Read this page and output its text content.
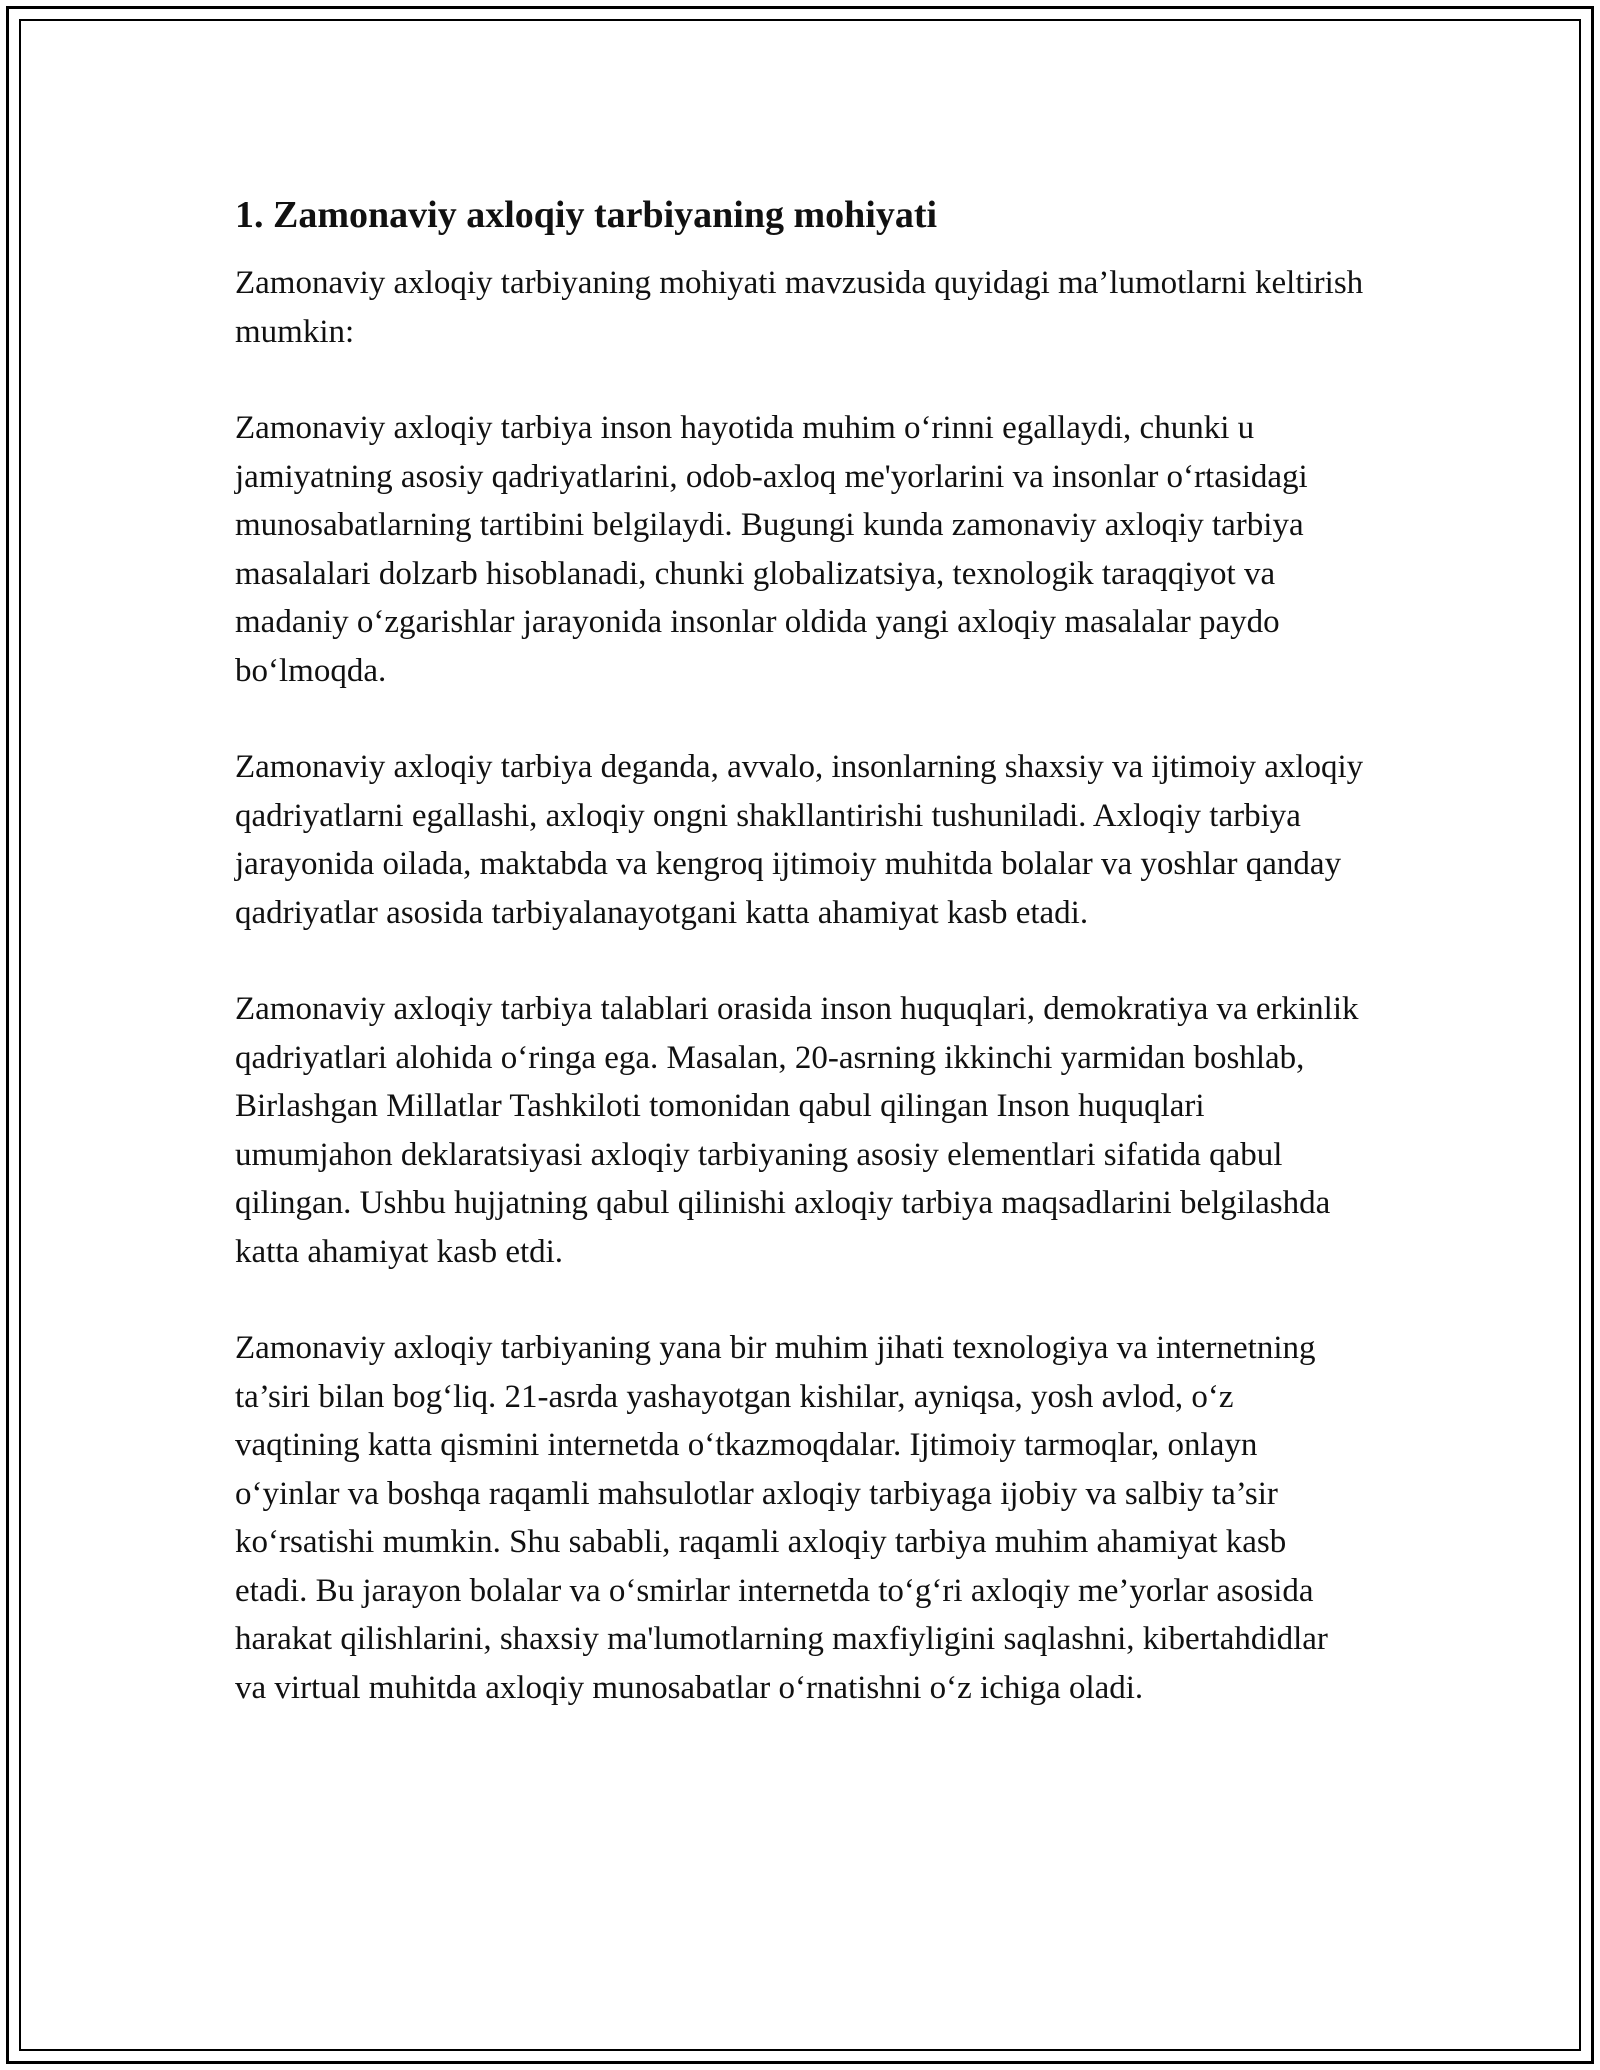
1. Zamonaviy axloqiy tarbiyaning mohiyati

Zamonaviy axloqiy tarbiyaning mohiyati mavzusida quyidagi ma’lumotlarni keltirish mumkin:

Zamonaviy axloqiy tarbiya inson hayotida muhim o‘rinni egallaydi, chunki u jamiyatning asosiy qadriyatlarini, odob-axloq me'yorlarini va insonlar o‘rtasidagi munosabatlarning tartibini belgilaydi. Bugungi kunda zamonaviy axloqiy tarbiya masalalari dolzarb hisoblanadi, chunki globalizatsiya, texnologik taraqqiyot va madaniy o‘zgarishlar jarayonida insonlar oldida yangi axloqiy masalalar paydo bo‘lmoqda.

Zamonaviy axloqiy tarbiya deganda, avvalo, insonlarning shaxsiy va ijtimoiy axloqiy qadriyatlarni egallashi, axloqiy ongni shakllantirishi tushuniladi. Axloqiy tarbiya jarayonida oilada, maktabda va kengroq ijtimoiy muhitda bolalar va yoshlar qanday qadriyatlar asosida tarbiyalanayotgani katta ahamiyat kasb etadi.

Zamonaviy axloqiy tarbiya talablari orasida inson huquqlari, demokratiya va erkinlik qadriyatlari alohida o‘ringa ega. Masalan, 20-asrning ikkinchi yarmidan boshlab, Birlashgan Millatlar Tashkiloti tomonidan qabul qilingan Inson huquqlari umumjahon deklaratsiyasi axloqiy tarbiyaning asosiy elementlari sifatida qabul qilingan. Ushbu hujjatning qabul qilinishi axloqiy tarbiya maqsadlarini belgilashda katta ahamiyat kasb etdi.

Zamonaviy axloqiy tarbiyaning yana bir muhim jihati texnologiya va internetning ta’siri bilan bog‘liq. 21-asrda yashayotgan kishilar, ayniqsa, yosh avlod, o‘z vaqtining katta qismini internetda o‘tkazmoqdalar. Ijtimoiy tarmoqlar, onlayn o‘yinlar va boshqa raqamli mahsulotlar axloqiy tarbiyaga ijobiy va salbiy ta’sir ko‘rsatishi mumkin. Shu sababli, raqamli axloqiy tarbiya muhim ahamiyat kasb etadi. Bu jarayon bolalar va o‘smirlar internetda to‘g‘ri axloqiy me’yorlar asosida harakat qilishlarini, shaxsiy ma'lumotlarning maxfiyligini saqlashni, kibertahdidlar va virtual muhitda axloqiy munosabatlar o‘rnatishni o‘z ichiga oladi.
